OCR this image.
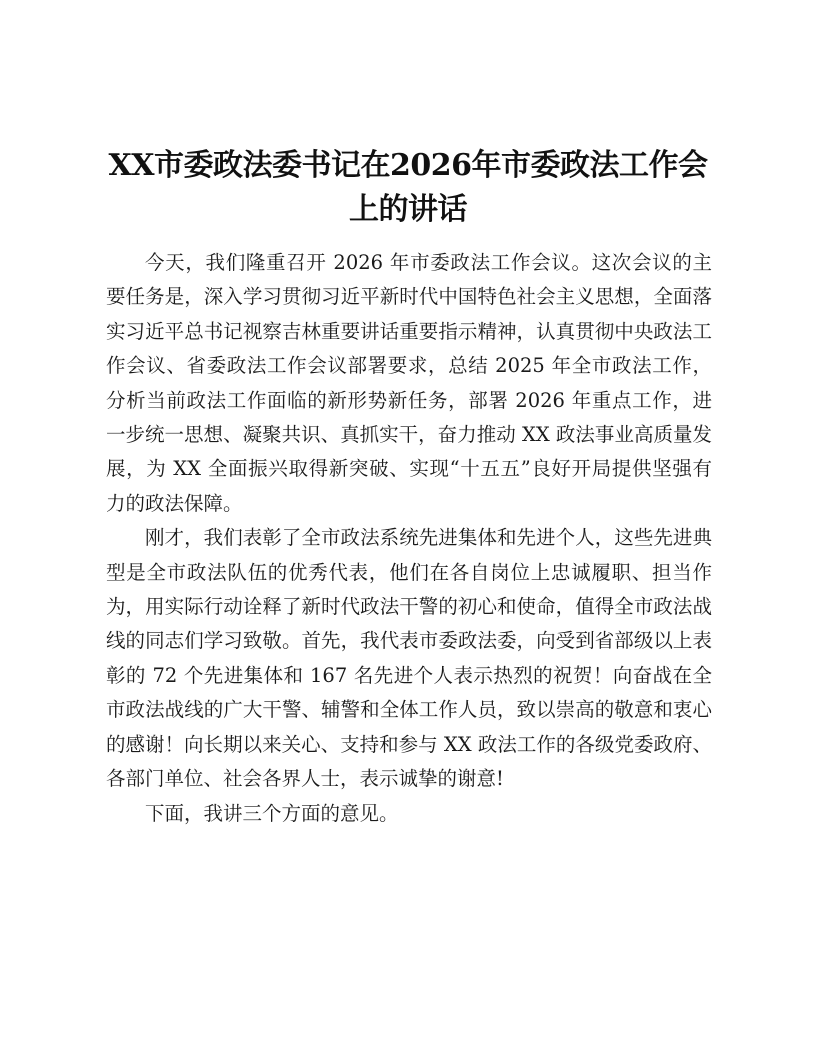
XX市委政法委书记在2026年市委政法工作会上的讲话

今天，我们隆重召开 2026 年市委政法工作会议。这次会议的主要任务是，深入学习贯彻习近平新时代中国特色社会主义思想，全面落实习近平总书记视察吉林重要讲话重要指示精神，认真贯彻中央政法工作会议、省委政法工作会议部署要求，总结 2025 年全市政法工作，分析当前政法工作面临的新形势新任务，部署 2026 年重点工作，进一步统一思想、凝聚共识、真抓实干，奋力推动 XX 政法事业高质量发展，为 XX 全面振兴取得新突破、实现“十五五”良好开局提供坚强有力的政法保障。

刚才，我们表彰了全市政法系统先进集体和先进个人，这些先进典型是全市政法队伍的优秀代表，他们在各自岗位上忠诚履职、担当作为，用实际行动诠释了新时代政法干警的初心和使命，值得全市政法战线的同志们学习致敬。首先，我代表市委政法委，向受到省部级以上表彰的 72 个先进集体和 167 名先进个人表示热烈的祝贺！向奋战在全市政法战线的广大干警、辅警和全体工作人员，致以崇高的敬意和衷心的感谢！向长期以来关心、支持和参与 XX 政法工作的各级党委政府、各部门单位、社会各界人士，表示诚挚的谢意!

下面，我讲三个方面的意见。
